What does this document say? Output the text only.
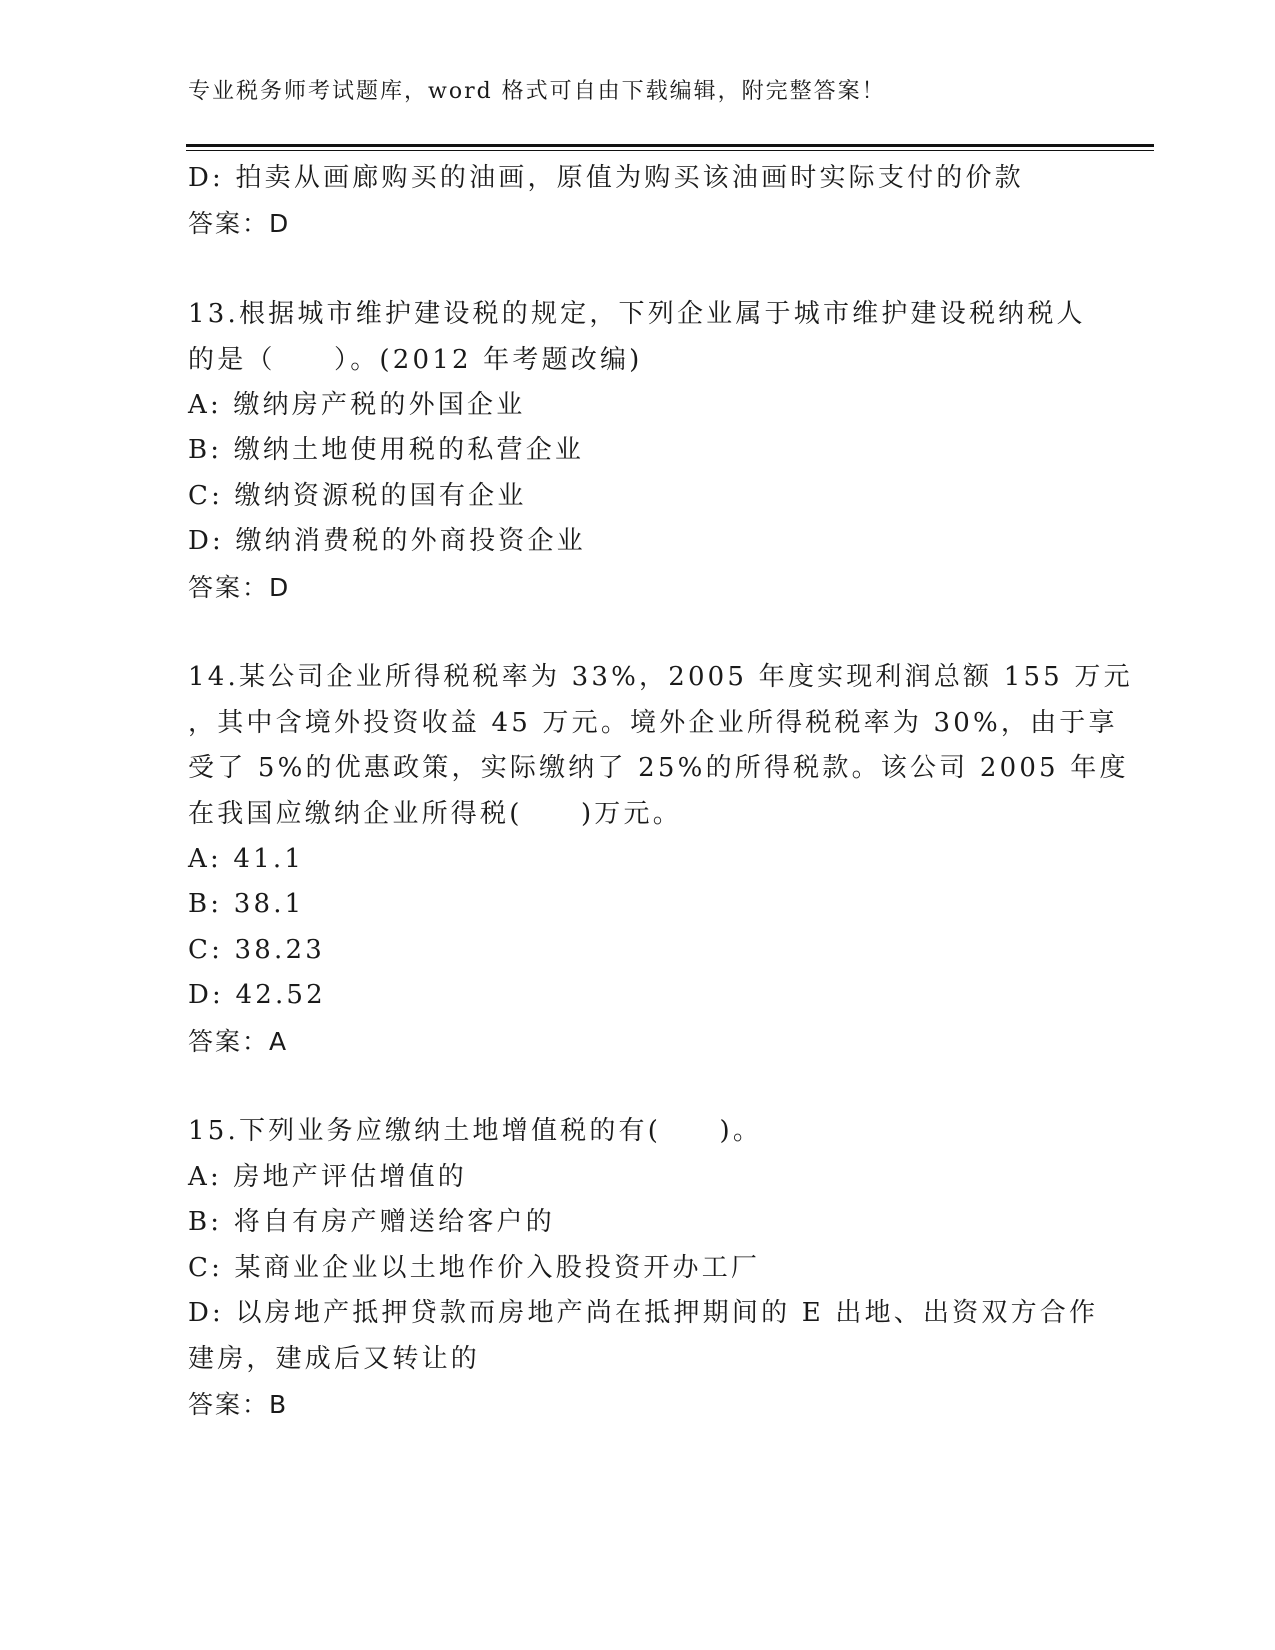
专业税务师考试题库，word 格式可自由下载编辑，附完整答案！
D: 拍卖从画廊购买的油画，原值为购买该油画时实际支付的价款
答案：D
13.根据城市维护建设税的规定，下列企业属于城市维护建设税纳税人
的是（　　）。(2012 年考题改编)
A: 缴纳房产税的外国企业
B: 缴纳土地使用税的私营企业
C: 缴纳资源税的国有企业
D: 缴纳消费税的外商投资企业
答案：D
14.某公司企业所得税税率为 33%，2005 年度实现利润总额 155 万元
，其中含境外投资收益 45 万元。境外企业所得税税率为 30%，由于享
受了 5%的优惠政策，实际缴纳了 25%的所得税款。该公司 2005 年度
在我国应缴纳企业所得税(　　)万元。
A: 41.1
B: 38.1
C: 38.23
D: 42.52
答案：A
15.下列业务应缴纳土地增值税的有(　　)。
A: 房地产评估增值的
B: 将自有房产赠送给客户的
C: 某商业企业以土地作价入股投资开办工厂
D: 以房地产抵押贷款而房地产尚在抵押期间的 E 出地、出资双方合作
建房，建成后又转让的
答案：B
